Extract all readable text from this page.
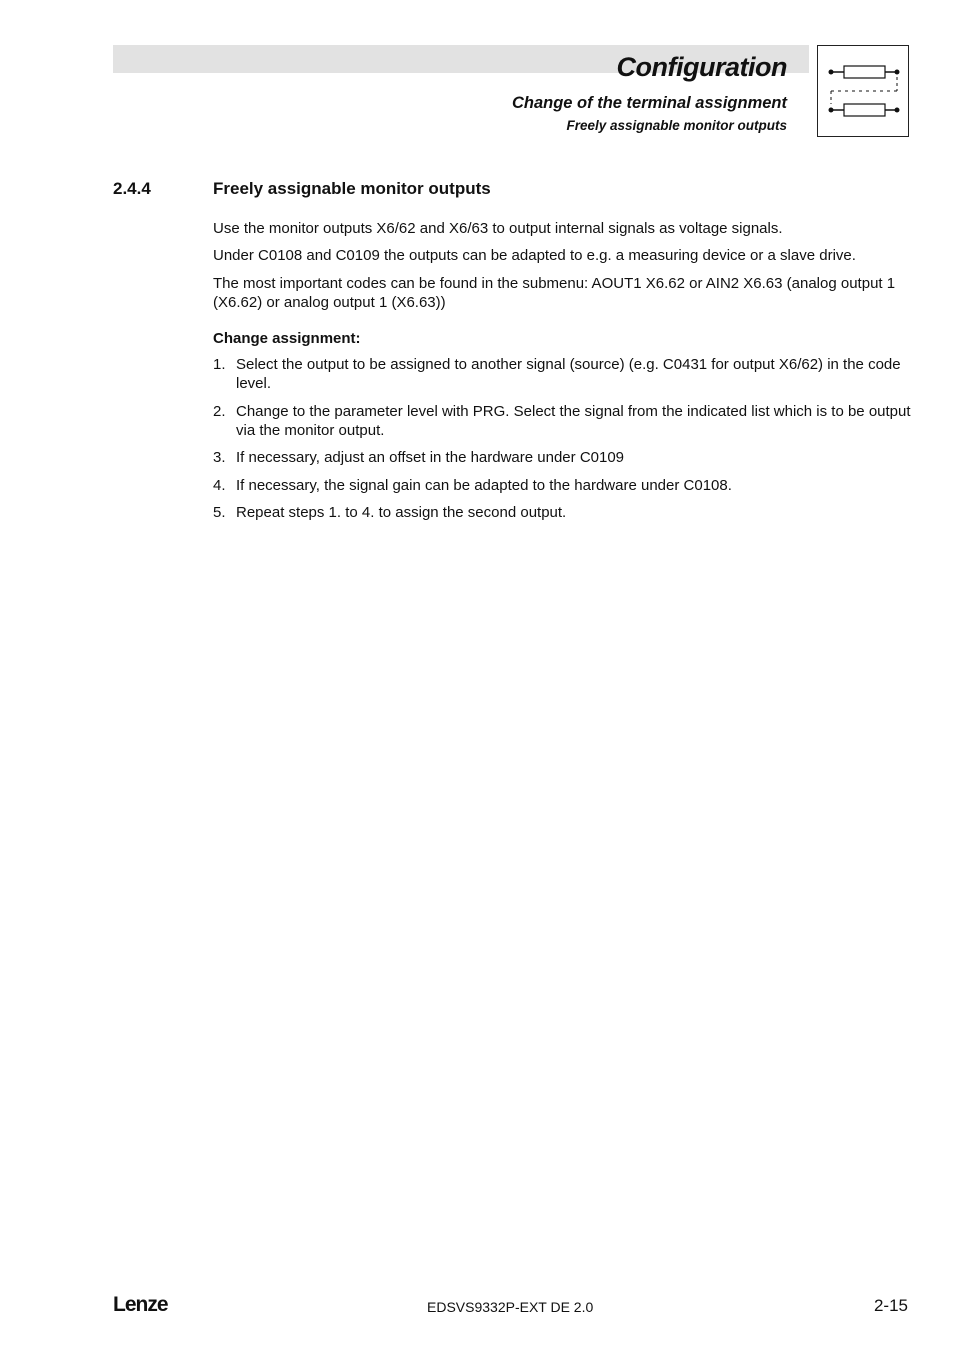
Configuration
Change of the terminal assignment
Freely assignable monitor outputs
2.4.4	Freely assignable monitor outputs
Use the monitor outputs X6/62 and X6/63 to output internal signals as voltage signals.
Under C0108 and C0109 the outputs can be adapted to e.g. a measuring device or a slave drive.
The most important codes can be found in the submenu: AOUT1 X6.62 or AIN2 X6.63 (analog output 1 (X6.62) or analog output 1 (X6.63))
Change assignment:
1. Select the output to be assigned to another signal (source) (e.g. C0431 for output X6/62) in the code level.
2. Change to the parameter level with PRG. Select the signal from the indicated list which is to be output via the monitor output.
3. If necessary, adjust an offset in the hardware under C0109
4. If necessary, the signal gain can be adapted to the hardware under C0108.
5. Repeat steps 1. to 4. to assign the second output.
Lenze	EDSVS9332P-EXT DE 2.0	2-15
